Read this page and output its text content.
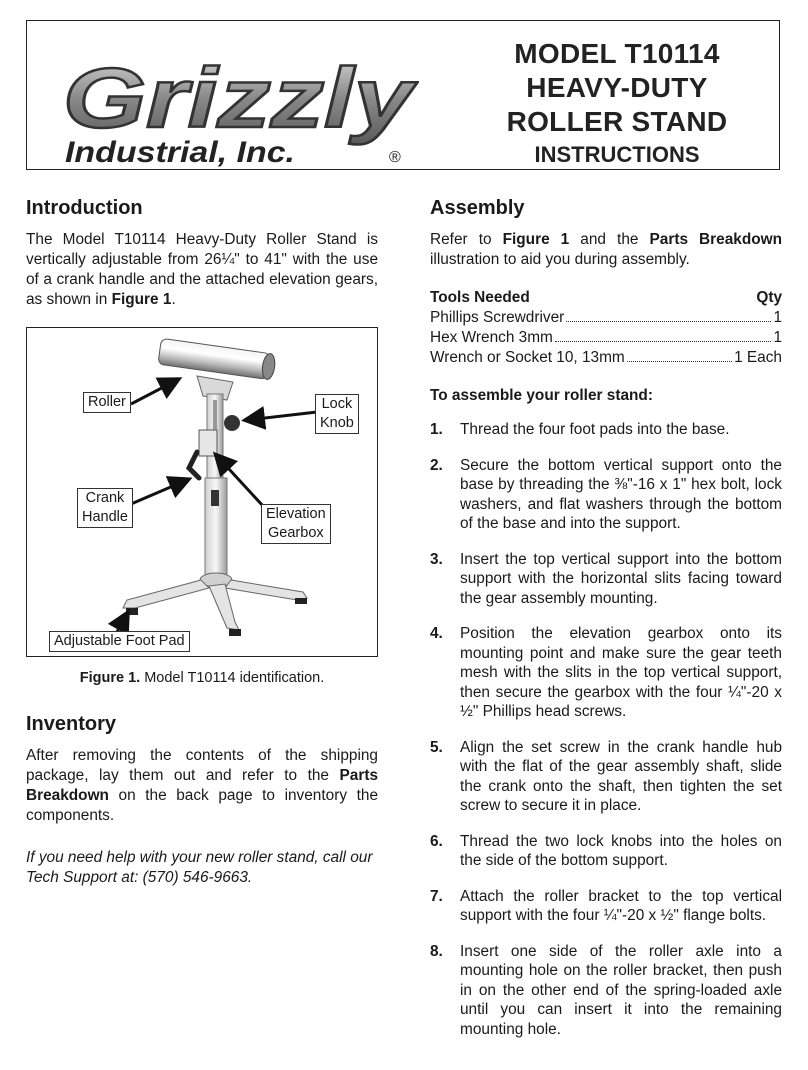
Grizzly
Industrial, Inc.	®
MODEL T10114
HEAVY-DUTY
ROLLER STAND
INSTRUCTIONS
Introduction

The Model T10114 Heavy-Duty Roller Stand is vertically adjustable from 26¼" to 41" with the use of a crank handle and the attached elevation gears, as shown in Figure 1.

Roller	Lock
Knob
Crank
Handle	Elevation
Gearbox
Adjustable Foot Pad
Figure 1. Model T10114 identification.
Inventory

After removing the contents of the shipping package, lay them out and refer to the Parts Breakdown on the back page to inventory the components.

If you need help with your new roller stand, call our Tech Support at: (570) 546-9663.

Assembly

Refer to Figure 1 and the Parts Breakdown illustration to aid you during assembly.

Tools Needed	Qty
Phillips Screwdriver	1
Hex Wrench 3mm	1
Wrench or Socket 10, 13mm	1 Each
To assemble your roller stand:
1.	Thread the four foot pads into the base.
2.	Secure the bottom vertical support onto the base by threading the ⅜"-16 x 1" hex bolt, lock washers, and flat washers through the bottom of the base and into the support.
3.	Insert the top vertical support into the bottom support with the horizontal slits facing toward the gear assembly mounting.
4.	Position the elevation gearbox onto its mounting point and make sure the gear teeth mesh with the slits in the top vertical support, then secure the gearbox with the four ¼"-20 x ½" Phillips head screws.
5.	Align the set screw in the crank handle hub with the flat of the gear assembly shaft, slide the crank onto the shaft, then tighten the set screw to secure it in place.
6.	Thread the two lock knobs into the holes on the side of the bottom support.
7.	Attach the roller bracket to the top vertical support with the four ¼"-20 x ½" flange bolts.
8.	Insert one side of the roller axle into a mounting hole on the roller bracket, then push in on the other end of the spring-loaded axle until you can insert it into the remaining mounting hole.
